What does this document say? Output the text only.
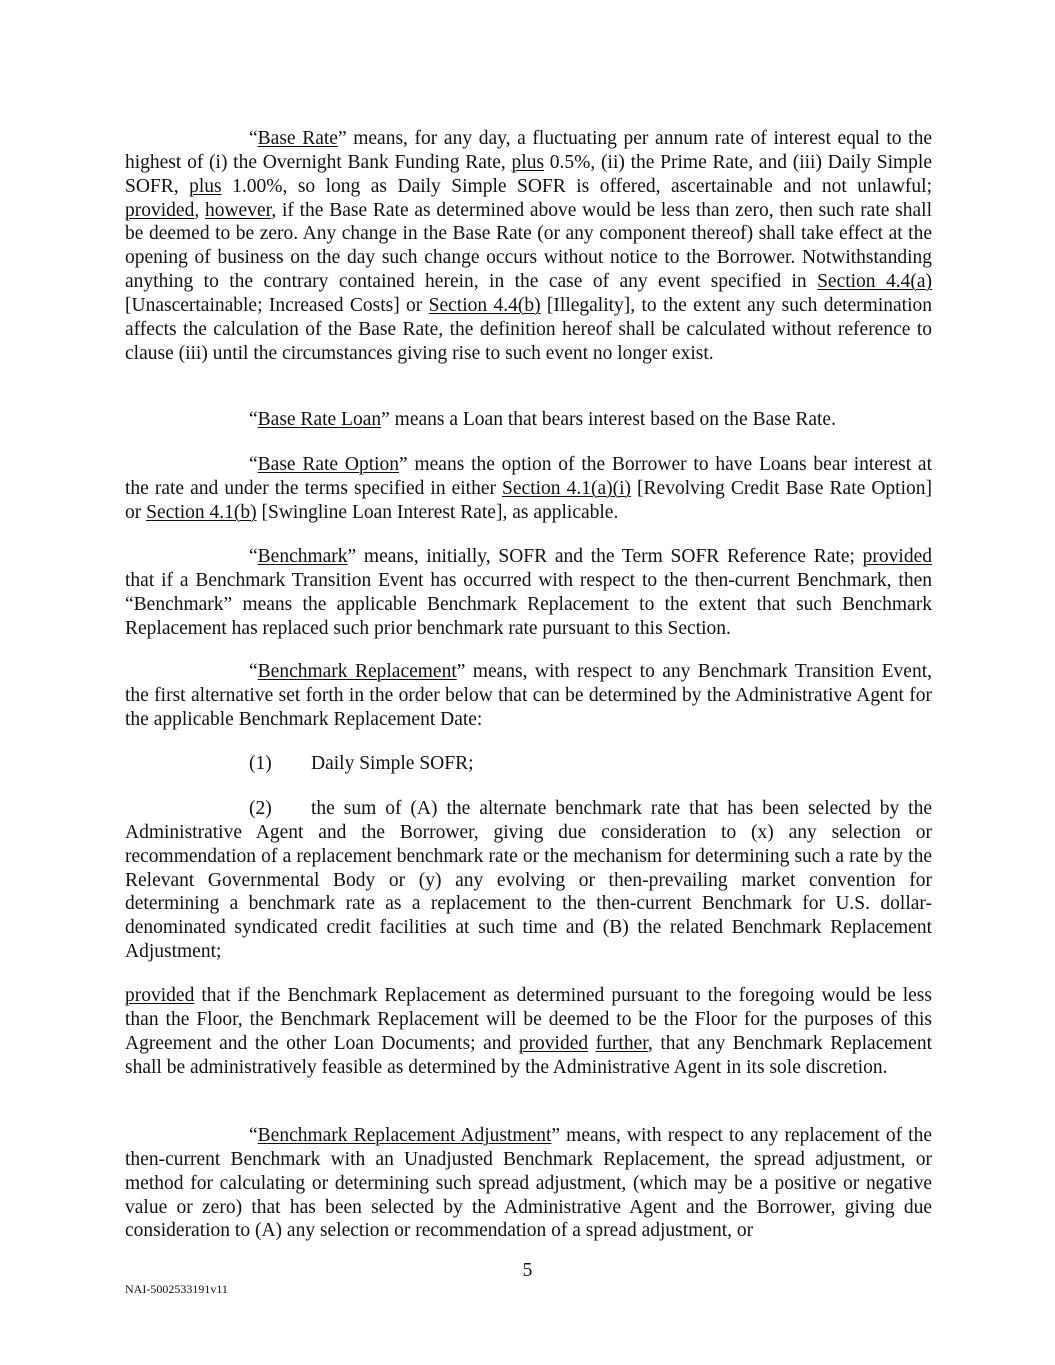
“Base Rate” means, for any day, a fluctuating per annum rate of interest equal to the highest of (i) the Overnight Bank Funding Rate, plus 0.5%, (ii) the Prime Rate, and (iii) Daily Simple SOFR, plus 1.00%, so long as Daily Simple SOFR is offered, ascertainable and not unlawful; provided, however, if the Base Rate as determined above would be less than zero, then such rate shall be deemed to be zero. Any change in the Base Rate (or any component thereof) shall take effect at the opening of business on the day such change occurs without notice to the Borrower. Notwithstanding anything to the contrary contained herein, in the case of any event specified in Section 4.4(a) [Unascertainable; Increased Costs] or Section 4.4(b) [Illegality], to the extent any such determination affects the calculation of the Base Rate, the definition hereof shall be calculated without reference to clause (iii) until the circumstances giving rise to such event no longer exist.

“Base Rate Loan” means a Loan that bears interest based on the Base Rate.

“Base Rate Option” means the option of the Borrower to have Loans bear interest at the rate and under the terms specified in either Section 4.1(a)(i) [Revolving Credit Base Rate Option] or Section 4.1(b) [Swingline Loan Interest Rate], as applicable.

“Benchmark” means, initially, SOFR and the Term SOFR Reference Rate; provided that if a Benchmark Transition Event has occurred with respect to the then-current Benchmark, then “Benchmark” means the applicable Benchmark Replacement to the extent that such Benchmark Replacement has replaced such prior benchmark rate pursuant to this Section.

“Benchmark Replacement” means, with respect to any Benchmark Transition Event, the first alternative set forth in the order below that can be determined by the Administrative Agent for the applicable Benchmark Replacement Date:

(1) Daily Simple SOFR;

(2) the sum of (A) the alternate benchmark rate that has been selected by the Administrative Agent and the Borrower, giving due consideration to (x) any selection or recommendation of a replacement benchmark rate or the mechanism for determining such a rate by the Relevant Governmental Body or (y) any evolving or then-prevailing market convention for determining a benchmark rate as a replacement to the then-current Benchmark for U.S. dollar-denominated syndicated credit facilities at such time and (B) the related Benchmark Replacement Adjustment;

provided that if the Benchmark Replacement as determined pursuant to the foregoing would be less than the Floor, the Benchmark Replacement will be deemed to be the Floor for the purposes of this Agreement and the other Loan Documents; and provided further, that any Benchmark Replacement shall be administratively feasible as determined by the Administrative Agent in its sole discretion.

“Benchmark Replacement Adjustment” means, with respect to any replacement of the then-current Benchmark with an Unadjusted Benchmark Replacement, the spread adjustment, or method for calculating or determining such spread adjustment, (which may be a positive or negative value or zero) that has been selected by the Administrative Agent and the Borrower, giving due consideration to (A) any selection or recommendation of a spread adjustment, or

5
NAI-5002533191v11
